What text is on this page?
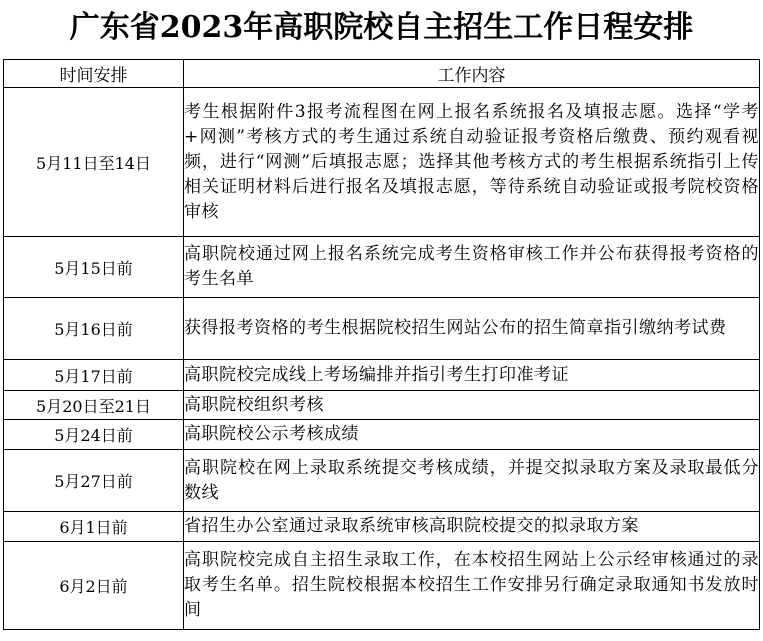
广东省2023年高职院校自主招生工作日程安排
时间安排	工作内容
5月11日至14日	考生根据附件3报考流程图在网上报名系统报名及填报志愿。选择“学考+网测”考核方式的考生通过系统自动验证报考资格后缴费、预约观看视频，进行“网测”后填报志愿；选择其他考核方式的考生根据系统指引上传相关证明材料后进行报名及填报志愿，等待系统自动验证或报考院校资格审核
5月15日前	高职院校通过网上报名系统完成考生资格审核工作并公布获得报考资格的考生名单
5月16日前	获得报考资格的考生根据院校招生网站公布的招生简章指引缴纳考试费
5月17日前	高职院校完成线上考场编排并指引考生打印准考证
5月20日至21日	高职院校组织考核
5月24日前	高职院校公示考核成绩
5月27日前	高职院校在网上录取系统提交考核成绩，并提交拟录取方案及录取最低分数线
6月1日前	省招生办公室通过录取系统审核高职院校提交的拟录取方案
6月2日前	高职院校完成自主招生录取工作，在本校招生网站上公示经审核通过的录取考生名单。招生院校根据本校招生工作安排另行确定录取通知书发放时间
